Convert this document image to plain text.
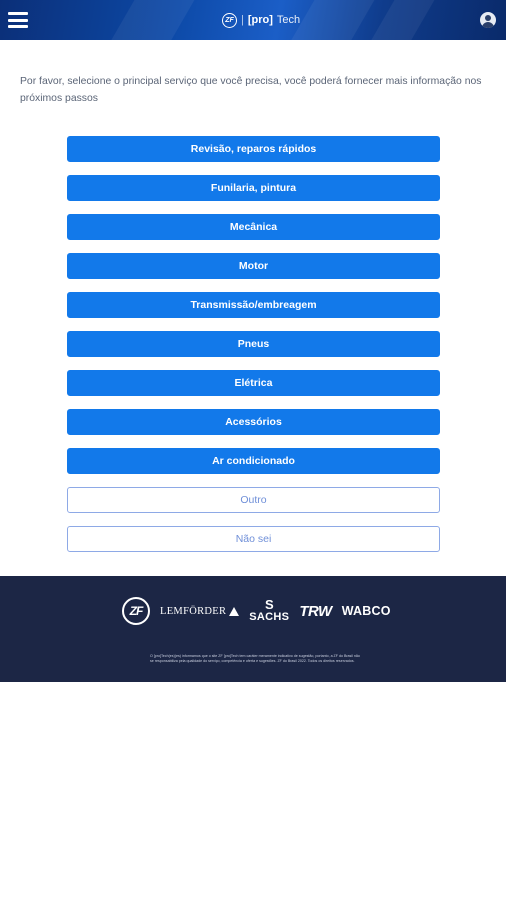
ZF | [pro] Tech

Por favor, selecione o principal serviço que você precisa, você poderá fornecer mais informação nos próximos passos

Revisão, reparos rápidos
Funilaria, pintura
Mecânica
Motor
Transmissão/embreagem
Pneus
Elétrica
Acessórios
Ar condicionado
Outro
Não sei
ZF	LEMFÖRDER	S
SACHS TRW WABCO
O [pro]Tech(es)(es) informamos que o site ZF [pro]Tech tem caráter meramente indicativo de sugestão, portanto, a ZF do Brasil não se responsabiliza pela qualidade do serviço, competência e oferta e sugestões. ZF do Brasil 2022. Todos os direitos reservados.
